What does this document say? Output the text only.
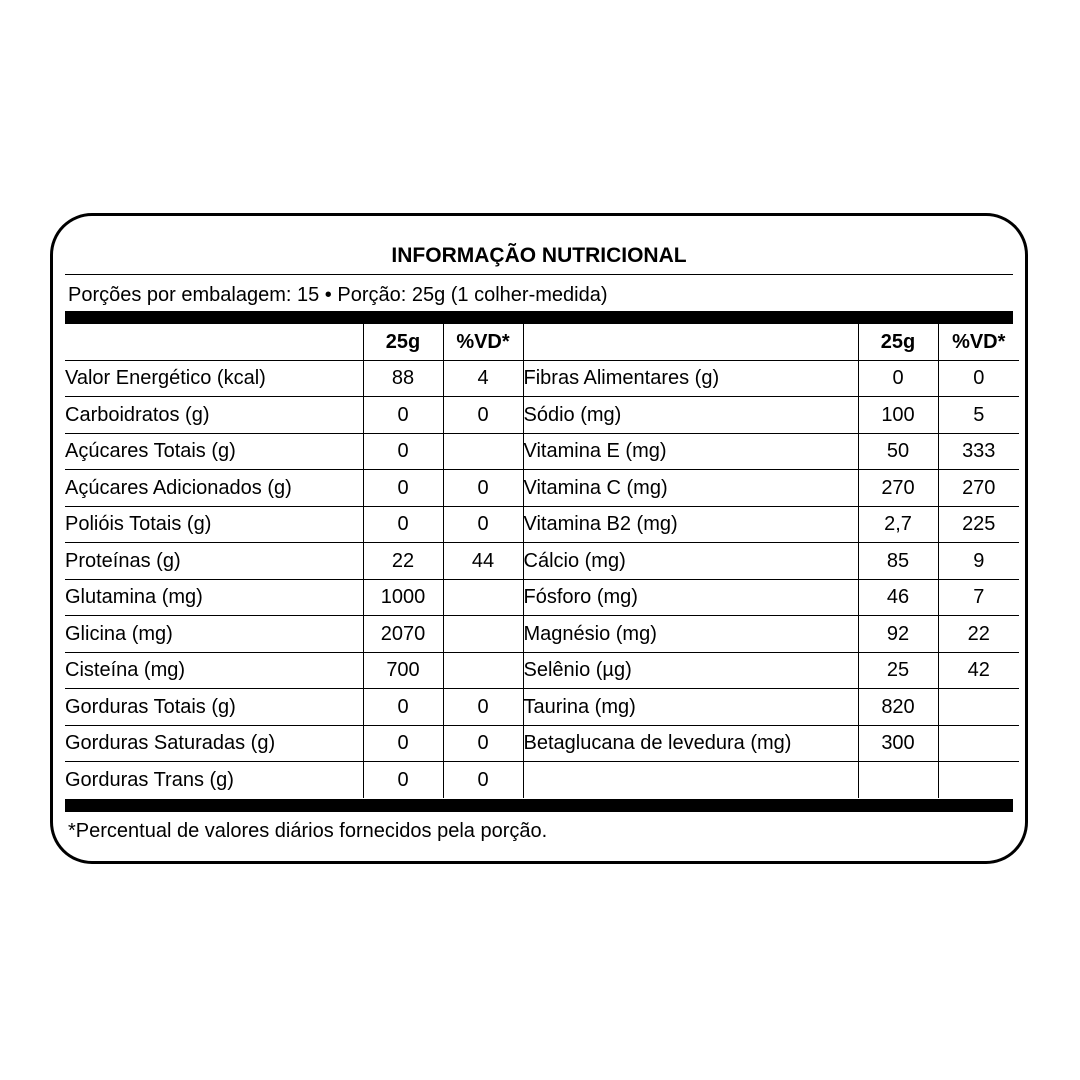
INFORMAÇÃO NUTRICIONAL
Porções por embalagem: 15 • Porção: 25g (1 colher-medida)
	25g	%VD*		25g	%VD*
Valor Energético (kcal)	88	4	Fibras Alimentares (g)	0	0
Carboidratos (g)	0	0	Sódio (mg)	100	5
Açúcares Totais (g)	0		Vitamina E (mg)	50	333
Açúcares Adicionados (g)	0	0	Vitamina C (mg)	270	270
Polióis Totais (g)	0	0	Vitamina B2 (mg)	2,7	225
Proteínas (g)	22	44	Cálcio (mg)	85	9
Glutamina (mg)	1000		Fósforo (mg)	46	7
Glicina (mg)	2070		Magnésio (mg)	92	22
Cisteína (mg)	700		Selênio (µg)	25	42
Gorduras Totais (g)	0	0	Taurina (mg)	820	
Gorduras Saturadas (g)	0	0	Betaglucana de levedura (mg)	300	
Gorduras Trans (g)	0	0			
*Percentual de valores diários fornecidos pela porção.
